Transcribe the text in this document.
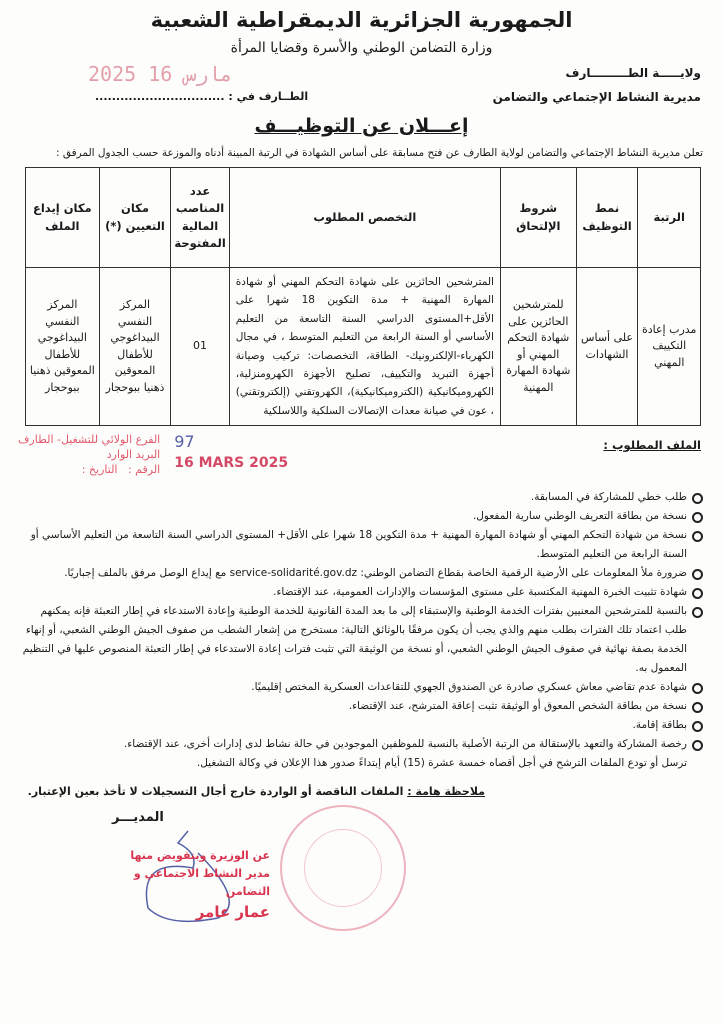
الجمهورية الجزائرية الديمقراطية الشعبية
وزارة التضامن الوطني والأسرة وقضايا المرأة
ولايـــــة الطـــــــــارف
مديرية النشاط الإجتماعي والتضامن
الطــارف في : ...............................
2025 مارس 16
إعـــلان عن التوظيـــف
تعلن مديرية النشاط الإجتماعي والتضامن لولاية الطارف عن فتح مسابقة على أساس الشهادة في الرتبة المبينة أدناه والموزعة حسب الجدول المرفق :
الرتبة	نمط التوظيف	شروط الإلتحاق	التخصص المطلوب	عدد المناصب المالية المفتوحة	مكان التعيين (*)	مكان إيداع الملف
مدرب إعادة التكييف المهني	على أساس الشهادات	للمترشحين الحائزين على شهادة التحكم المهني أو شهادة المهارة المهنية	المترشحين الحائزين على شهادة التحكم المهني أو شهادة المهارة المهنية + مدة التكوين 18 شهرا على الأقل+المستوى الدراسي السنة التاسعة من التعليم الأساسي أو السنة الرابعة من التعليم المتوسط ، في مجال الكهرباء-الإلكترونيك- الطاقة، التخصصات: تركيب وصيانة أجهزة التبريد والتكييف، تصليح الأجهزة الكهرومنزلية، الكهروميكانيكية (الكتروميكانيكية)، الكهروتقني (إلكتروتقني) ، عون في صيانة معدات الإتصالات السلكية واللاسلكية	01	المركز النفسي البيداغوجي للأطفال المعوقين ذهنيا ببوحجار	المركز النفسي البيداغوجي للأطفال المعوقين ذهنيا ببوحجار
الملف المطلوب :
الفرع الولائي للتشغيل- الطارف
البريد الوارد
الرقم :   التاريخ :
97
16 MARS 2025
طلب خطي للمشاركة في المسابقة.
نسخة من بطاقة التعريف الوطني سارية المفعول.
نسخة من شهادة التحكم المهني أو شهادة المهارة المهنية + مدة التكوين 18 شهرا على الأقل+ المستوى الدراسي السنة التاسعة من التعليم الأساسي أو السنة الرابعة من التعليم المتوسط.
ضرورة ملأ المعلومات على الأرضية الرقمية الخاصة بقطاع التضامن الوطني: service-solidarité.gov.dz مع إيداع الوصل مرفق بالملف إجباريًا.
شهادة تثبيت الخبرة المهنية المكتسبة على مستوى المؤسسات والإدارات العمومية، عند الإقتضاء.
بالنسبة للمترشحين المعنيين بفترات الخدمة الوطنية والإستبقاء إلى ما بعد المدة القانونية للخدمة الوطنية وإعادة الاستدعاء في إطار التعبئة فإنه يمكنهم طلب اعتماد تلك الفترات بطلب منهم والذي يجب أن يكون مرفقًا بالوثائق التالية: مستخرج من إشعار الشطب من صفوف الجيش الوطني الشعبي، أو إنهاء الخدمة بصفة نهائية في صفوف الجيش الوطني الشعبي، أو نسخة من الوثيقة التي تثبت فترات إعادة الاستدعاء في إطار التعبئة المنصوص عليها في التنظيم المعمول به.
شهادة عدم تقاضي معاش عسكري صادرة عن الصندوق الجهوي للتقاعدات العسكرية المختص إقليميًا.
نسخة من بطاقة الشخص المعوق أو الوثيقة تثبت إعاقة المترشح، عند الإقتضاء.
بطاقة إقامة.
رخصة المشاركة والتعهد بالإستقالة من الرتبة الأصلية بالنسبة للموظفين الموجودين في حالة نشاط لدى إدارات أخرى، عند الإقتضاء.
ترسل أو تودع الملفات الترشح في أجل أقصاه خمسة عشرة (15) أيام إبتداءً صدور هذا الإعلان في وكالة التشغيل.
ملاحظة هامة : الملفات الناقصة أو الواردة خارج أجال التسجيلات لا تأخذ بعين الإعتبار.
المديـــر
عن الوزيرة وبتفويض منها
مدير النشاط الاجتماعي و التضامن
عمار عامر
